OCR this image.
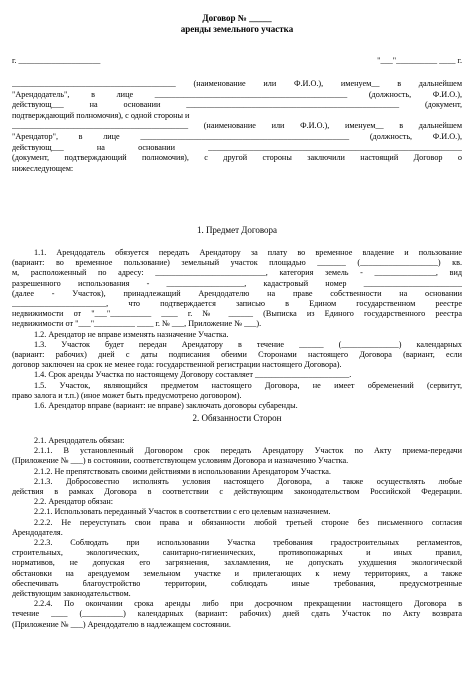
Договор № _____
аренды земельного участка
г. ____________________	"___"__________ ____ г.
________________________________________ (наименование или Ф.И.О.), именуем__ в дальнейшем
"Арендодатель", в лице _______________________________________________ (должность, Ф.И.О.),
действующ___ на основании ____________________________________________________ (документ,
подтверждающий полномочия), с одной стороны и
___________________________________________ (наименование или Ф.И.О.), именуем__ в дальнейшем
"Арендатор", в лице ___________________________________________________ (должность, Ф.И.О.),
действующ___ на основании ______________________________________________________________
(документ, подтверждающий полномочия), с другой стороны заключили настоящий Договор о
нижеследующем:
1. Предмет Договора
1.1. Арендодатель обязуется передать Арендатору за плату во временное владение и пользование
(вариант: во временное пользование) земельный участок площадью _______ (___________________) кв.
м, расположенный по адресу: ___________________________, категория земель - _______________, вид
разрешенного использования - ___________________, кадастровый номер ________________________
(далее - Участок), принадлежащий Арендодателю на праве собственности на основании
_______________________, что подтверждается записью в Едином государственном реестре
недвижимости от "___"__________ ____ г. № ______ (Выписка из Единого государственного реестра
недвижимости от "___"__________ ____ г. № ___, Приложение № ___).
1.2. Арендатор не вправе изменять назначение Участка.
1.3. Участок будет передан Арендатору в течение ______ (______________) календарных
(вариант: рабочих) дней с даты подписания обеими Сторонами настоящего Договора (вариант, если
договор заключен на срок не менее года: государственной регистрации настоящего Договора).
1.4. Срок аренды Участка по настоящему Договору составляет _______________________.
1.5. Участок, являющийся предметом настоящего Договора, не имеет обременений (сервитут,
право залога и т.п.) (иное может быть предусмотрено договором).
1.6. Арендатор вправе (вариант: не вправе) заключать договоры субаренды.
2. Обязанности Сторон
2.1. Арендодатель обязан:
2.1.1. В установленный Договором срок передать Арендатору Участок по Акту приема-передачи
(Приложение № ___) в состоянии, соответствующем условиям Договора и назначению Участка.
2.1.2. Не препятствовать своими действиями в использовании Арендатором Участка.
2.1.3. Добросовестно исполнять условия настоящего Договора, а также осуществлять любые
действия в рамках Договора в соответствии с действующим законодательством Российской Федерации.
2.2. Арендатор обязан:
2.2.1. Использовать переданный Участок в соответствии с его целевым назначением.
2.2.2. Не переуступать свои права и обязанности любой третьей стороне без письменного согласия
Арендодателя.
2.2.3. Соблюдать при использовании Участка требования градостроительных регламентов,
строительных, экологических, санитарно-гигиенических, противопожарных и иных правил,
нормативов, не допуская его загрязнения, захламления, не допускать ухудшения экологической
обстановки на арендуемом земельном участке и прилегающих к нему территориях, а также
обеспечивать благоустройство территории, соблюдать иные требования, предусмотренные
действующим законодательством.
2.2.4. По окончании срока аренды либо при досрочном прекращении настоящего Договора в
течение ____ (__________) календарных (вариант: рабочих) дней сдать Участок по Акту возврата
(Приложение № ___) Арендодателю в надлежащем состоянии.
